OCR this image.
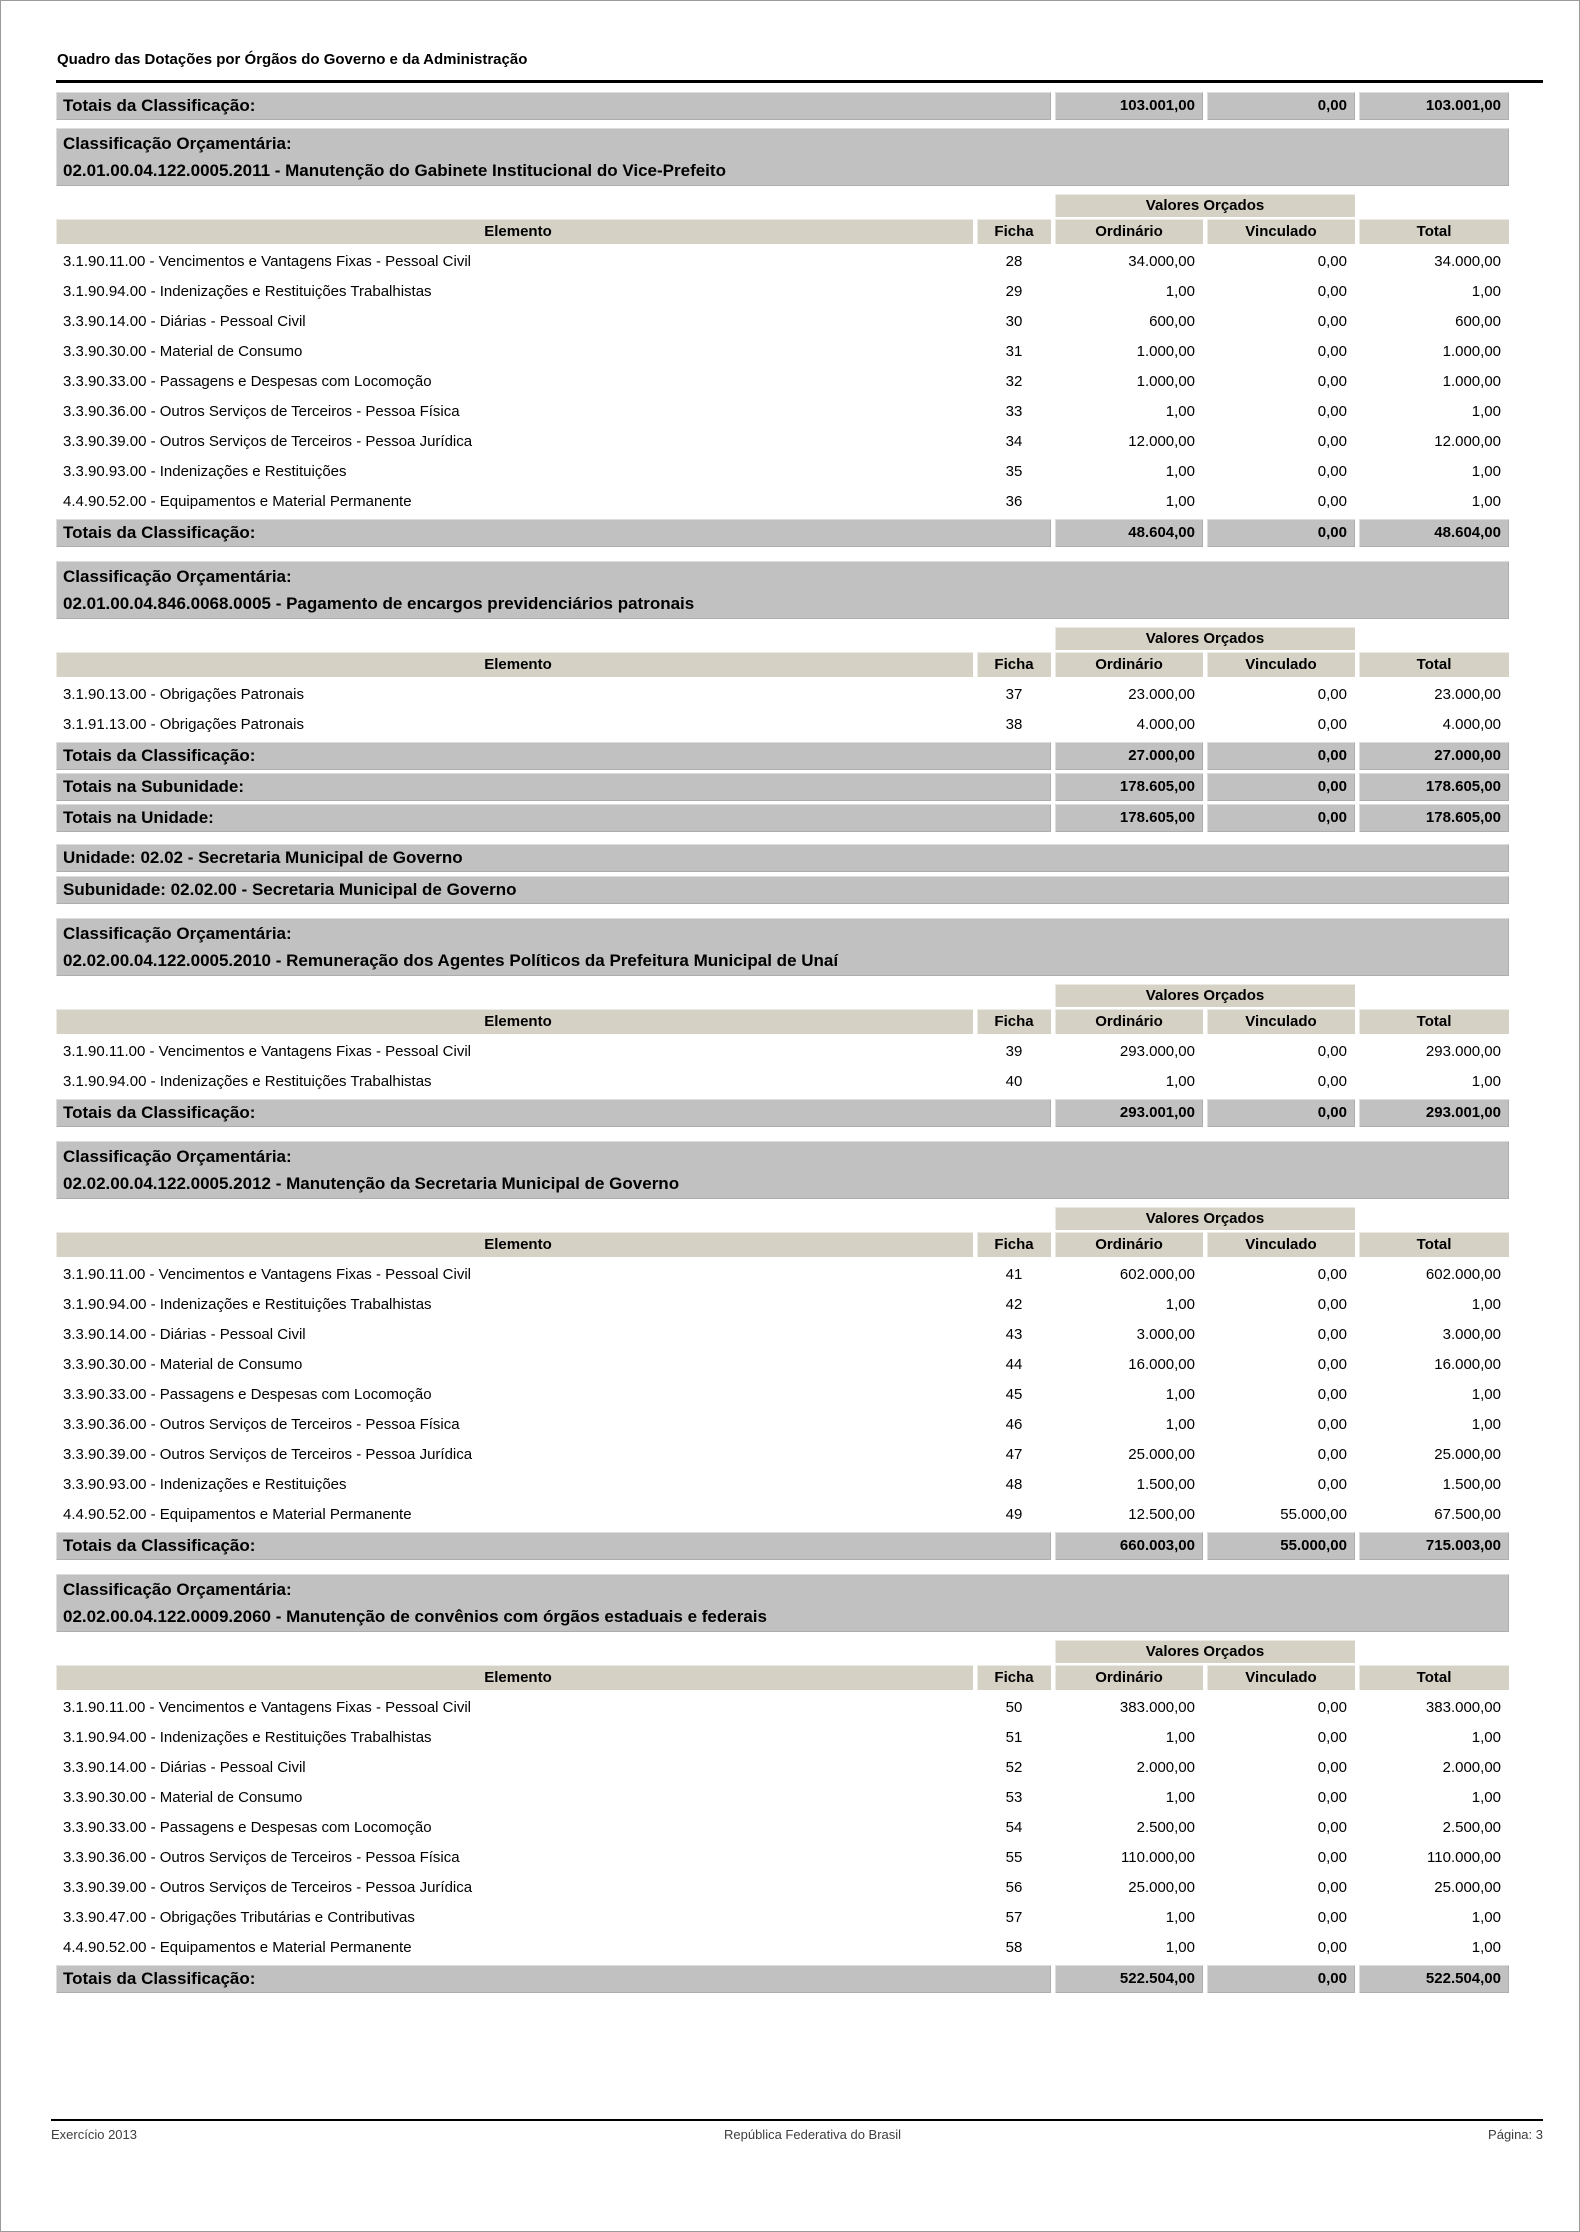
Quadro das Dotações por Órgãos do Governo e da Administração
Totais da Classificação:	103.001,00	0,00	103.001,00
Classificação Orçamentária:
02.01.00.04.122.0005.2011 - Manutenção do Gabinete Institucional do Vice-Prefeito
Valores Orçados
Elemento	Ficha	Ordinário	Vinculado	Total
3.1.90.11.00 - Vencimentos e Vantagens Fixas - Pessoal Civil	28	34.000,00	0,00	34.000,00
3.1.90.94.00 - Indenizações e Restituições Trabalhistas	29	1,00	0,00	1,00
3.3.90.14.00 - Diárias - Pessoal Civil	30	600,00	0,00	600,00
3.3.90.30.00 - Material de Consumo	31	1.000,00	0,00	1.000,00
3.3.90.33.00 - Passagens e Despesas com Locomoção	32	1.000,00	0,00	1.000,00
3.3.90.36.00 - Outros Serviços de Terceiros - Pessoa Física	33	1,00	0,00	1,00
3.3.90.39.00 - Outros Serviços de Terceiros - Pessoa Jurídica	34	12.000,00	0,00	12.000,00
3.3.90.93.00 - Indenizações e Restituições	35	1,00	0,00	1,00
4.4.90.52.00 - Equipamentos e Material Permanente	36	1,00	0,00	1,00
Totais da Classificação:	48.604,00	0,00	48.604,00
Classificação Orçamentária:
02.01.00.04.846.0068.0005 - Pagamento de encargos previdenciários patronais
Valores Orçados
Elemento	Ficha	Ordinário	Vinculado	Total
3.1.90.13.00 - Obrigações Patronais	37	23.000,00	0,00	23.000,00
3.1.91.13.00 - Obrigações Patronais	38	4.000,00	0,00	4.000,00
Totais da Classificação:	27.000,00	0,00	27.000,00
Totais na Subunidade:	178.605,00	0,00	178.605,00
Totais na Unidade:	178.605,00	0,00	178.605,00
Unidade: 02.02 - Secretaria Municipal de Governo
Subunidade: 02.02.00 - Secretaria Municipal de Governo
Classificação Orçamentária:
02.02.00.04.122.0005.2010 - Remuneração dos Agentes Políticos da Prefeitura Municipal de Unaí
Valores Orçados
Elemento	Ficha	Ordinário	Vinculado	Total
3.1.90.11.00 - Vencimentos e Vantagens Fixas - Pessoal Civil	39	293.000,00	0,00	293.000,00
3.1.90.94.00 - Indenizações e Restituições Trabalhistas	40	1,00	0,00	1,00
Totais da Classificação:	293.001,00	0,00	293.001,00
Classificação Orçamentária:
02.02.00.04.122.0005.2012 - Manutenção da Secretaria Municipal de Governo
Valores Orçados
Elemento	Ficha	Ordinário	Vinculado	Total
3.1.90.11.00 - Vencimentos e Vantagens Fixas - Pessoal Civil	41	602.000,00	0,00	602.000,00
3.1.90.94.00 - Indenizações e Restituições Trabalhistas	42	1,00	0,00	1,00
3.3.90.14.00 - Diárias - Pessoal Civil	43	3.000,00	0,00	3.000,00
3.3.90.30.00 - Material de Consumo	44	16.000,00	0,00	16.000,00
3.3.90.33.00 - Passagens e Despesas com Locomoção	45	1,00	0,00	1,00
3.3.90.36.00 - Outros Serviços de Terceiros - Pessoa Física	46	1,00	0,00	1,00
3.3.90.39.00 - Outros Serviços de Terceiros - Pessoa Jurídica	47	25.000,00	0,00	25.000,00
3.3.90.93.00 - Indenizações e Restituições	48	1.500,00	0,00	1.500,00
4.4.90.52.00 - Equipamentos e Material Permanente	49	12.500,00	55.000,00	67.500,00
Totais da Classificação:	660.003,00	55.000,00	715.003,00
Classificação Orçamentária:
02.02.00.04.122.0009.2060 - Manutenção de convênios com órgãos estaduais e federais
Valores Orçados
Elemento	Ficha	Ordinário	Vinculado	Total
3.1.90.11.00 - Vencimentos e Vantagens Fixas - Pessoal Civil	50	383.000,00	0,00	383.000,00
3.1.90.94.00 - Indenizações e Restituições Trabalhistas	51	1,00	0,00	1,00
3.3.90.14.00 - Diárias - Pessoal Civil	52	2.000,00	0,00	2.000,00
3.3.90.30.00 - Material de Consumo	53	1,00	0,00	1,00
3.3.90.33.00 - Passagens e Despesas com Locomoção	54	2.500,00	0,00	2.500,00
3.3.90.36.00 - Outros Serviços de Terceiros - Pessoa Física	55	110.000,00	0,00	110.000,00
3.3.90.39.00 - Outros Serviços de Terceiros - Pessoa Jurídica	56	25.000,00	0,00	25.000,00
3.3.90.47.00 - Obrigações Tributárias e Contributivas	57	1,00	0,00	1,00
4.4.90.52.00 - Equipamentos e Material Permanente	58	1,00	0,00	1,00
Totais da Classificação:	522.504,00	0,00	522.504,00
Exercício 2013	República Federativa do Brasil	Página: 3
